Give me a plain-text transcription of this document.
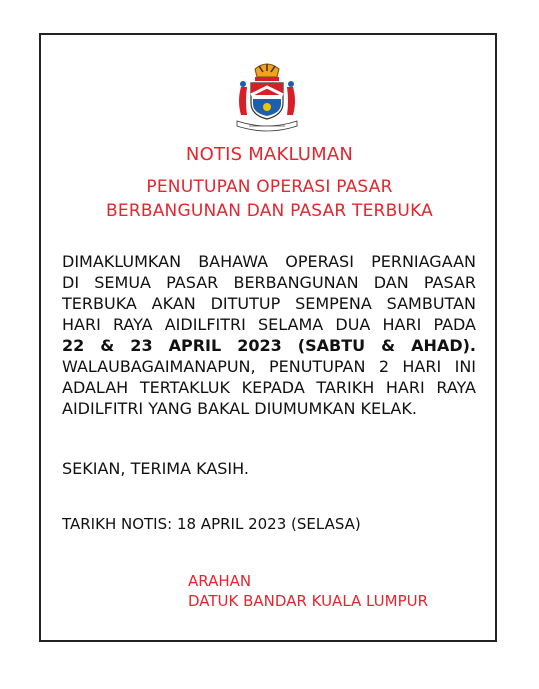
NOTIS MAKLUMAN
PENUTUPAN OPERASI PASAR
BERBANGUNAN DAN PASAR TERBUKA
DIMAKLUMKAN BAHAWA OPERASI PERNIAGAAN
DI SEMUA PASAR BERBANGUNAN DAN PASAR
TERBUKA AKAN DITUTUP SEMPENA SAMBUTAN
HARI RAYA AIDILFITRI SELAMA DUA HARI PADA
22 & 23 APRIL 2023 (SABTU & AHAD).
WALAUBAGAIMANAPUN, PENUTUPAN 2 HARI INI
ADALAH TERTAKLUK KEPADA TARIKH HARI RAYA
AIDILFITRI YANG BAKAL DIUMUMKAN KELAK.
SEKIAN, TERIMA KASIH.
TARIKH NOTIS: 18 APRIL 2023 (SELASA)
ARAHAN
DATUK BANDAR KUALA LUMPUR
